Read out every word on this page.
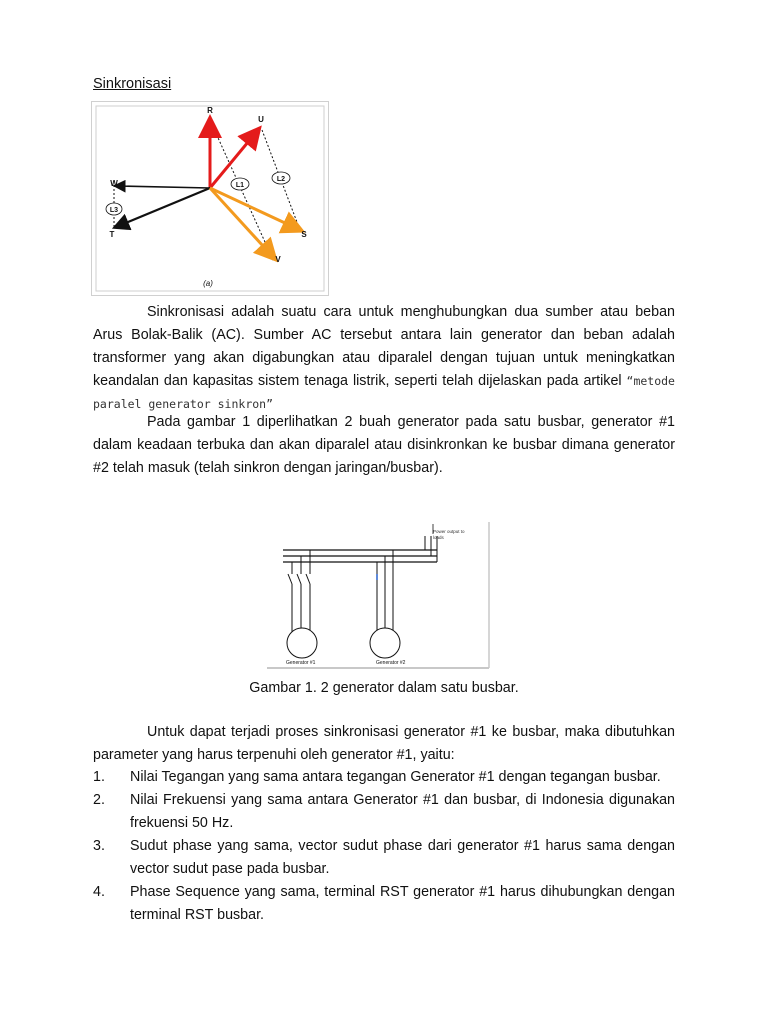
Sinkronisasi
L1
L2
L3
R
U
W
T	S
V
(a)

Sinkronisasi adalah suatu cara untuk menghubungkan dua sumber atau beban Arus Bolak-Balik (AC). Sumber AC tersebut antara lain generator dan beban adalah transformer yang akan digabungkan atau diparalel dengan tujuan untuk meningkatkan keandalan dan kapasitas sistem tenaga listrik, seperti telah dijelaskan pada artikel “metode paralel generator sinkron”

Pada gambar 1 diperlihatkan 2 buah generator pada satu busbar, generator #1 dalam keadaan terbuka dan akan diparalel atau disinkronkan ke busbar dimana generator #2 telah masuk (telah sinkron dengan jaringan/busbar).

Power output to
loads
Generator #1	Generator #2
Gambar 1. 2 generator dalam satu busbar.

Untuk dapat terjadi proses sinkronisasi generator #1 ke busbar, maka dibutuhkan parameter yang harus terpenuhi oleh generator #1, yaitu:

1. Nilai Tegangan yang sama antara tegangan Generator #1 dengan tegangan busbar.
2. Nilai Frekuensi yang sama antara Generator #1 dan busbar, di Indonesia digunakan frekuensi 50 Hz.
3. Sudut phase yang sama, vector sudut phase dari generator #1 harus sama dengan vector sudut pase pada busbar.
4. Phase Sequence yang sama, terminal RST generator #1 harus dihubungkan dengan terminal RST busbar.
